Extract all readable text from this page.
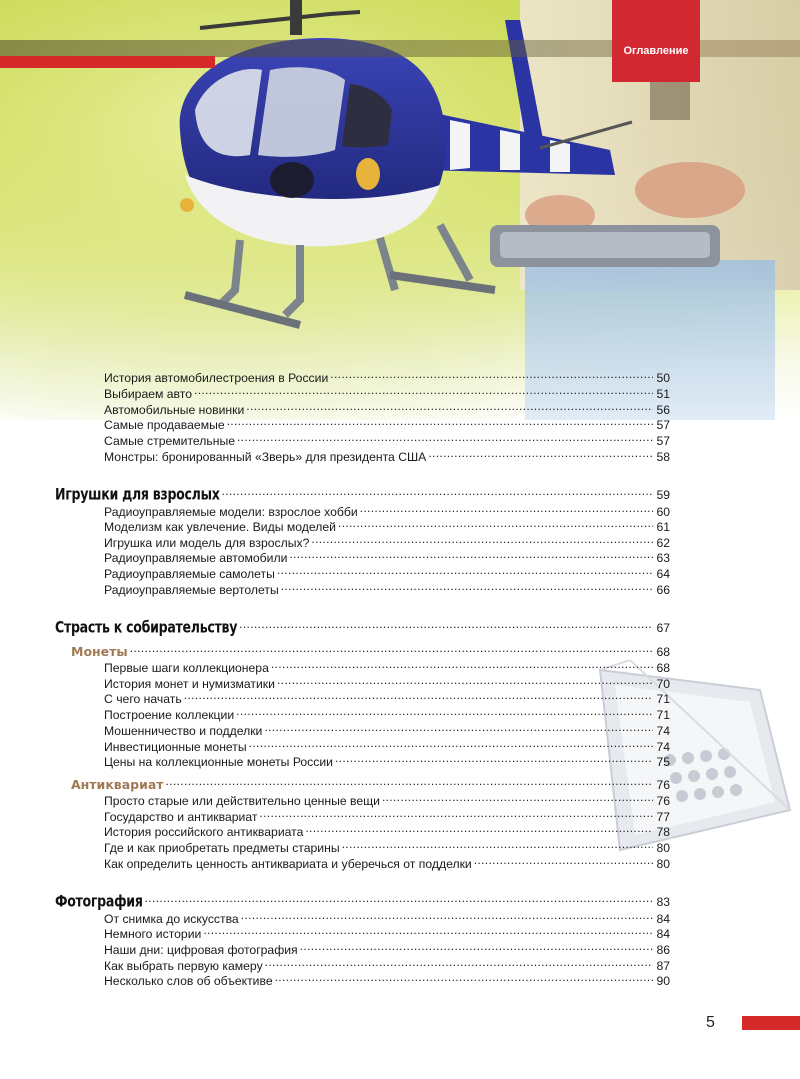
Оглавление
История автомобилестроения в России .....	50
Выбираем авто .....	51
Автомобильные новинки .....	56
Самые продаваемые .....	57
Самые стремительные .....	57
Монстры: бронированный «Зверь» для президента США .....	58
Игрушки для взрослых .....	59
Радиоуправляемые модели: взрослое хобби .....	60
Моделизм как увлечение. Виды моделей .....	61
Игрушка или модель для взрослых? .....	62
Радиоуправляемые автомобили .....	63
Радиоуправляемые самолеты .....	64
Радиоуправляемые вертолеты .....	66
Страсть к собирательству .....	67
Монеты .....	68
Первые шаги коллекционера .....	68
История монет и нумизматики .....	70
С чего начать .....	71
Построение коллекции .....	71
Мошенничество и подделки .....	74
Инвестиционные монеты .....	74
Цены на коллекционные монеты России .....	75
Антиквариат .....	76
Просто старые или действительно ценные вещи .....	76
Государство и антиквариат .....	77
История российского антиквариата .....	78
Где и как приобретать предметы старины .....	80
Как определить ценность антиквариата и уберечься от подделки .....	80
Фотография .....	83
От снимка до искусства .....	84
Немного истории .....	84
Наши дни: цифровая фотография .....	86
Как выбрать первую камеру .....	87
Несколько слов об объективе .....	90
5
